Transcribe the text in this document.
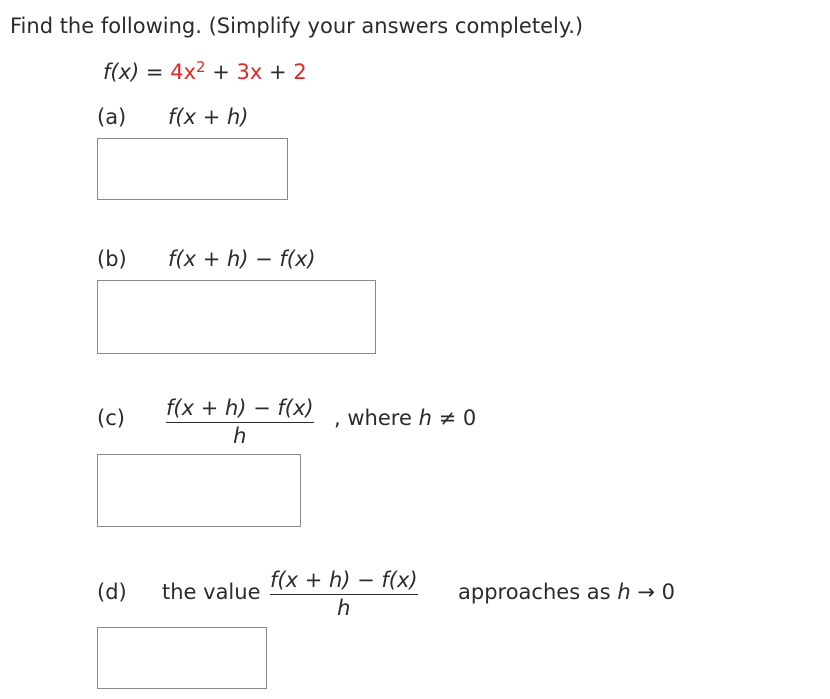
Find the following. (Simplify your answers completely.)
$f(x) = 4x^2 + 3x + 2$
(a) f(x + h)
(b) f(x + h) − f(x)
$(c) \frac{f(x + h) - f(x)}{h}$ , where h ≠ 0
(d) the value $\frac{f(x + h) - f(x)}{h}$ approaches as h → 0
